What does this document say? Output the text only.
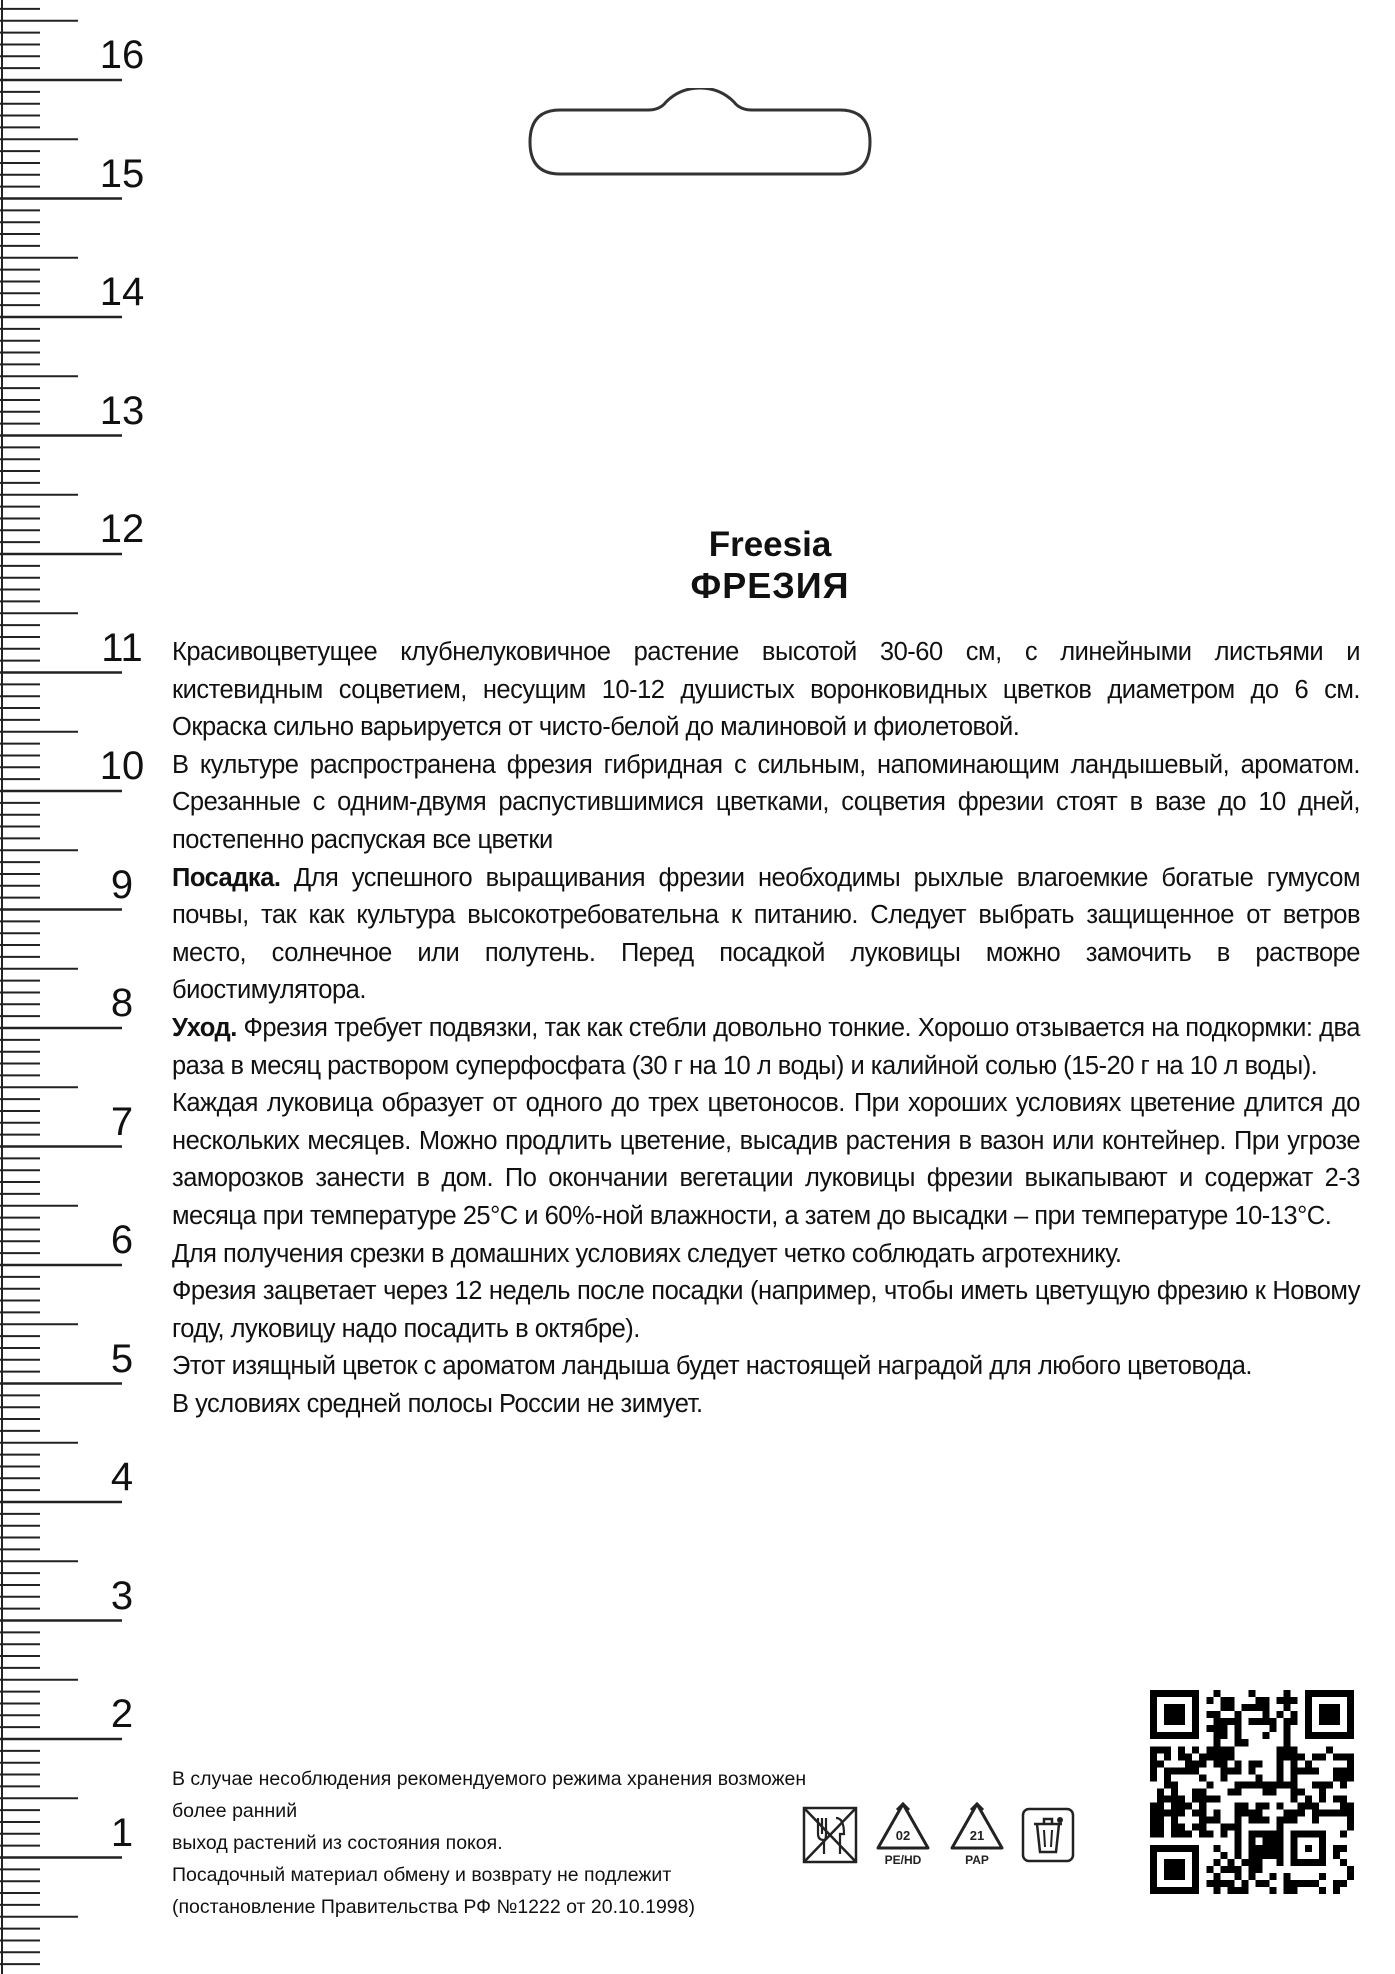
16
15
14
13
12
11
10
9
8
7
6
5
4
3
2
1
Freesia
ФРЕЗИЯ

Красивоцветущее клубнелуковичное растение высотой 30-60 см, с линейными листьями и кистевидным соцветием, несущим 10-12 душистых воронковидных цветков диаметром до 6 см. Окраска сильно варьируется от чисто-белой до малиновой и фиолетовой.

В культуре распространена фрезия гибридная с сильным, напоминающим ландышевый, ароматом. Срезанные с одним-двумя распустившимися цветками, соцветия фрезии стоят в вазе до 10 дней, постепенно распуская все цветки

Посадка. Для успешного выращивания фрезии необходимы рыхлые влагоемкие богатые гумусом почвы, так как культура высокотребовательна к питанию. Следует выбрать защищенное от ветров место, солнечное или полутень. Перед посадкой луковицы можно замочить в растворе биостимулятора.

Уход. Фрезия требует подвязки, так как стебли довольно тонкие. Хорошо отзывается на подкормки: два раза в месяц раствором суперфосфата (30 г на 10 л воды) и калийной солью (15-20 г на 10 л воды).

Каждая луковица образует от одного до трех цветоносов. При хороших условиях цветение длится до нескольких месяцев. Можно продлить цветение, высадив растения в вазон или контейнер. При угрозе заморозков занести в дом. По окончании вегетации луковицы фрезии выкапывают и содержат 2-3 месяца при температуре 25°С и 60%-ной влажности, а затем до высадки – при температуре 10-13°С.

Для получения срезки в домашних условиях следует четко соблюдать агротехнику.

Фрезия зацветает через 12 недель после посадки (например, чтобы иметь цветущую фрезию к Новому году, луковицу надо посадить в октябре).

Этот изящный цветок с ароматом ландыша будет настоящей наградой для любого цветовода.

В условиях средней полосы России не зимует.

В случае несоблюдения рекомендуемого режима хранения возможен более ранний

выход растений из состояния покоя.

Посадочный материал обмену и возврату не подлежит

(постановление Правительства РФ №1222 от 20.10.1998)

02
PE/HD
21
PAP
